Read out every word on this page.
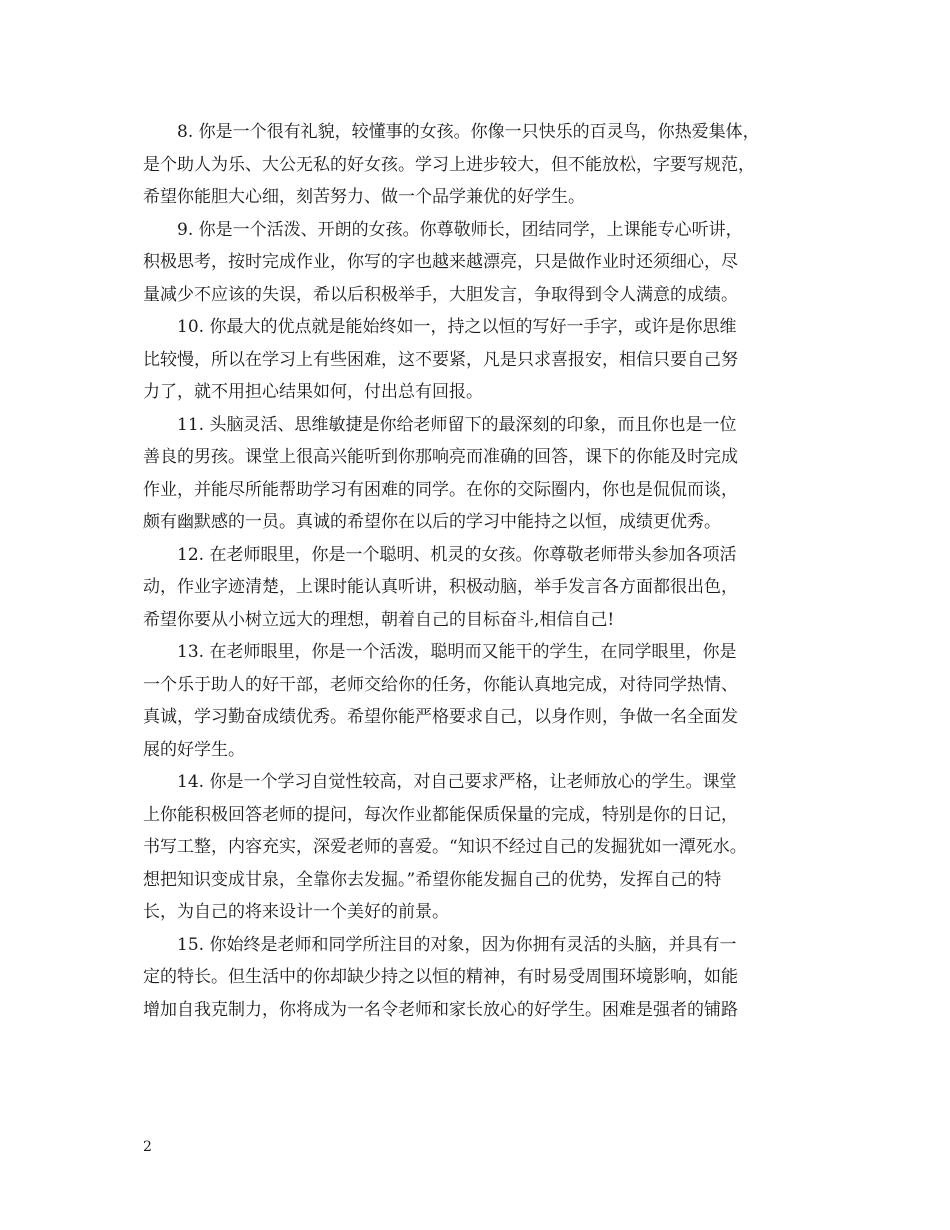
8. 你是一个很有礼貌，较懂事的女孩。你像一只快乐的百灵鸟，你热爱集体，
是个助人为乐、大公无私的好女孩。学习上进步较大，但不能放松，字要写规范，
希望你能胆大心细，刻苦努力、做一个品学兼优的好学生。
9. 你是一个活泼、开朗的女孩。你尊敬师长，团结同学，上课能专心听讲，
积极思考，按时完成作业，你写的字也越来越漂亮，只是做作业时还须细心，尽
量减少不应该的失误，希以后积极举手，大胆发言，争取得到令人满意的成绩。
10. 你最大的优点就是能始终如一，持之以恒的写好一手字，或许是你思维
比较慢，所以在学习上有些困难，这不要紧，凡是只求喜报安，相信只要自己努
力了，就不用担心结果如何，付出总有回报。
11. 头脑灵活、思维敏捷是你给老师留下的最深刻的印象，而且你也是一位
善良的男孩。课堂上很高兴能听到你那响亮而准确的回答，课下的你能及时完成
作业，并能尽所能帮助学习有困难的同学。在你的交际圈内，你也是侃侃而谈，
颇有幽默感的一员。真诚的希望你在以后的学习中能持之以恒，成绩更优秀。
12. 在老师眼里，你是一个聪明、机灵的女孩。你尊敬老师带头参加各项活
动，作业字迹清楚，上课时能认真听讲，积极动脑，举手发言各方面都很出色，
希望你要从小树立远大的理想，朝着自己的目标奋斗,相信自己!
13. 在老师眼里，你是一个活泼，聪明而又能干的学生，在同学眼里，你是
一个乐于助人的好干部，老师交给你的任务，你能认真地完成，对待同学热情、
真诚，学习勤奋成绩优秀。希望你能严格要求自己，以身作则，争做一名全面发
展的好学生。
14. 你是一个学习自觉性较高，对自己要求严格，让老师放心的学生。课堂
上你能积极回答老师的提问，每次作业都能保质保量的完成，特别是你的日记，
书写工整，内容充实，深爱老师的喜爱。“知识不经过自己的发掘犹如一潭死水。
想把知识变成甘泉，全靠你去发掘。”希望你能发掘自己的优势，发挥自己的特
长，为自己的将来设计一个美好的前景。
15. 你始终是老师和同学所注目的对象，因为你拥有灵活的头脑，并具有一
定的特长。但生活中的你却缺少持之以恒的精神，有时易受周围环境影响，如能
增加自我克制力，你将成为一名令老师和家长放心的好学生。困难是强者的铺路
2
